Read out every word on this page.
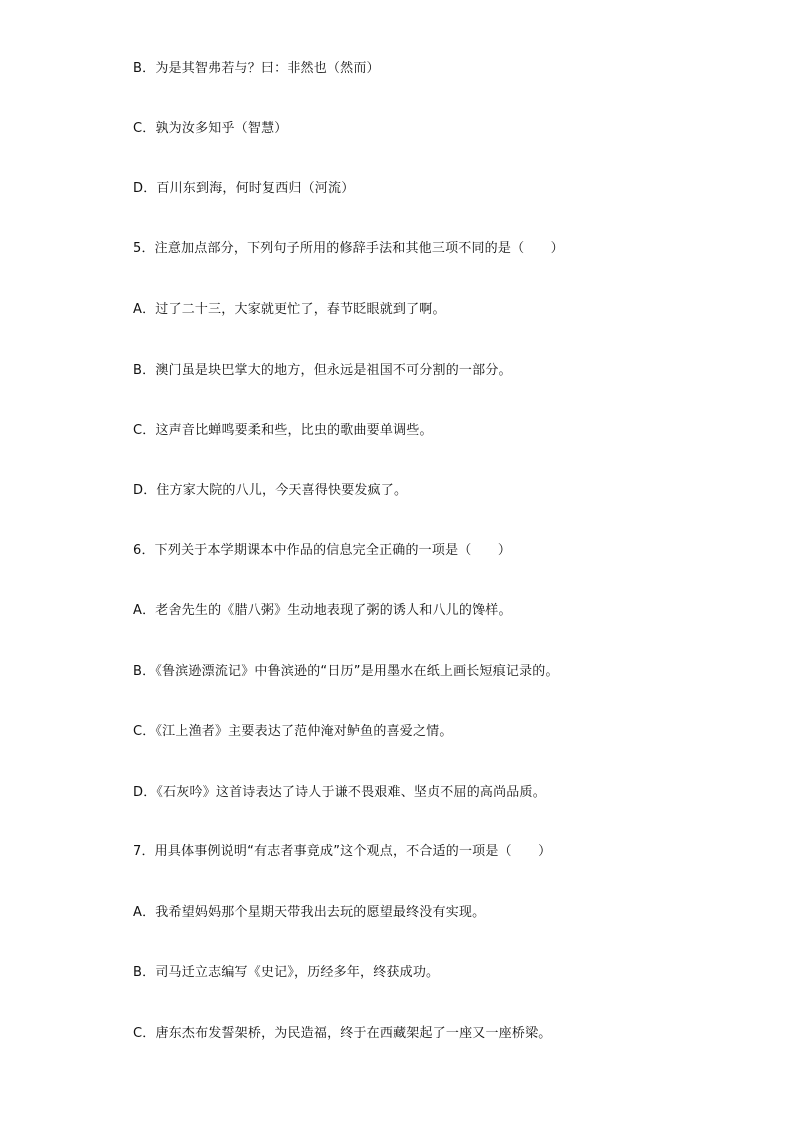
B．为是其智弗若与？曰：非然也（然而）
C．孰为汝多知乎（智慧）
D．百川东到海，何时复西归（河流）
5．注意加点部分，下列句子所用的修辞手法和其他三项不同的是（　　）
A．过了二十三，大家就更忙了，春节眨眼就到了啊。
B．澳门虽是块巴掌大的地方，但永远是祖国不可分割的一部分。
C．这声音比蝉鸣要柔和些，比虫的歌曲要单调些。
D．住方家大院的八儿，今天喜得快要发疯了。
6．下列关于本学期课本中作品的信息完全正确的一项是（　　）
A．老舍先生的《腊八粥》生动地表现了粥的诱人和八儿的馋样。
B．《鲁滨逊漂流记》中鲁滨逊的“日历”是用墨水在纸上画长短痕记录的。
C．《江上渔者》主要表达了范仲淹对鲈鱼的喜爱之情。
D．《石灰吟》这首诗表达了诗人于谦不畏艰难、坚贞不屈的高尚品质。
7．用具体事例说明“有志者事竟成”这个观点，不合适的一项是（　　）
A．我希望妈妈那个星期天带我出去玩的愿望最终没有实现。
B．司马迁立志编写《史记》，历经多年，终获成功。
C．唐东杰布发誓架桥，为民造福，终于在西藏架起了一座又一座桥梁。
